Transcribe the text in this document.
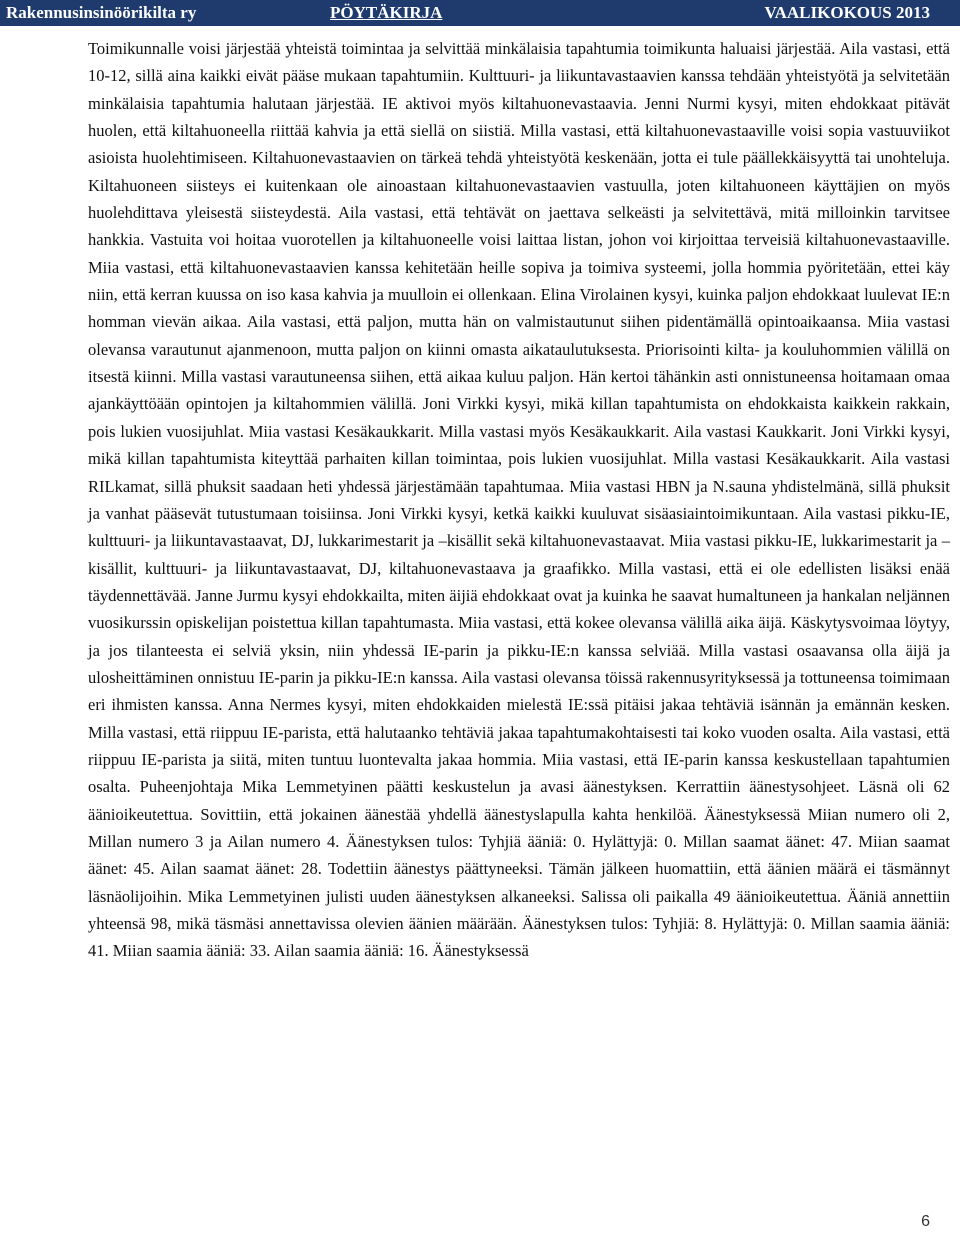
Rakennusinsinöörikilta ry	PÖYTÄKIRJA	VAALIKOKOUS 2013

Toimikunnalle voisi järjestää yhteistä toimintaa ja selvittää minkälaisia tapahtumia toimikunta haluaisi järjestää. Aila vastasi, että 10-12, sillä aina kaikki eivät pääse mukaan tapahtumiin. Kulttuuri- ja liikuntavastaavien kanssa tehdään yhteistyötä ja selvitetään minkälaisia tapahtumia halutaan järjestää. IE aktivoi myös kiltahuonevastaavia. Jenni Nurmi kysyi, miten ehdokkaat pitävät huolen, että kiltahuoneella riittää kahvia ja että siellä on siistiä. Milla vastasi, että kiltahuonevastaaville voisi sopia vastuuviikot asioista huolehtimiseen. Kiltahuonevastaavien on tärkeä tehdä yhteistyötä keskenään, jotta ei tule päällekkäisyyttä tai unohteluja. Kiltahuoneen siisteys ei kuitenkaan ole ainoastaan kiltahuonevastaavien vastuulla, joten kiltahuoneen käyttäjien on myös huolehdittava yleisestä siisteydestä. Aila vastasi, että tehtävät on jaettava selkeästi ja selvitettävä, mitä milloinkin tarvitsee hankkia. Vastuita voi hoitaa vuorotellen ja kiltahuoneelle voisi laittaa listan, johon voi kirjoittaa terveisiä kiltahuonevastaaville. Miia vastasi, että kiltahuonevastaavien kanssa kehitetään heille sopiva ja toimiva systeemi, jolla hommia pyöritetään, ettei käy niin, että kerran kuussa on iso kasa kahvia ja muulloin ei ollenkaan. Elina Virolainen kysyi, kuinka paljon ehdokkaat luulevat IE:n homman vievän aikaa. Aila vastasi, että paljon, mutta hän on valmistautunut siihen pidentämällä opintoaikaansa. Miia vastasi olevansa varautunut ajanmenoon, mutta paljon on kiinni omasta aikataulutuksesta. Priorisointi kilta- ja kouluhommien välillä on itsestä kiinni. Milla vastasi varautuneensa siihen, että aikaa kuluu paljon. Hän kertoi tähänkin asti onnistuneensa hoitamaan omaa ajankäyttöään opintojen ja kiltahommien välillä. Joni Virkki kysyi, mikä killan tapahtumista on ehdokkaista kaikkein rakkain, pois lukien vuosijuhlat. Miia vastasi Kesäkaukkarit. Milla vastasi myös Kesäkaukkarit. Aila vastasi Kaukkarit. Joni Virkki kysyi, mikä killan tapahtumista kiteyttää parhaiten killan toimintaa, pois lukien vuosijuhlat. Milla vastasi Kesäkaukkarit. Aila vastasi RILkamat, sillä phuksit saadaan heti yhdessä järjestämään tapahtumaa. Miia vastasi HBN ja N.sauna yhdistelmänä, sillä phuksit ja vanhat pääsevät tutustumaan toisiinsa. Joni Virkki kysyi, ketkä kaikki kuuluvat sisäasiaintoimikuntaan. Aila vastasi pikku-IE, kulttuuri- ja liikuntavastaavat, DJ, lukkarimestarit ja –kisällit sekä kiltahuonevastaavat. Miia vastasi pikku-IE, lukkarimestarit ja –kisällit, kulttuuri- ja liikuntavastaavat, DJ, kiltahuonevastaava ja graafikko. Milla vastasi, että ei ole edellisten lisäksi enää täydennettävää. Janne Jurmu kysyi ehdokkailta, miten äijiä ehdokkaat ovat ja kuinka he saavat humaltuneen ja hankalan neljännen vuosikurssin opiskelijan poistettua killan tapahtumasta. Miia vastasi, että kokee olevansa välillä aika äijä. Käskytysvoimaa löytyy, ja jos tilanteesta ei selviä yksin, niin yhdessä IE-parin ja pikku-IE:n kanssa selviää. Milla vastasi osaavansa olla äijä ja ulosheittäminen onnistuu IE-parin ja pikku-IE:n kanssa. Aila vastasi olevansa töissä rakennusyrityksessä ja tottuneensa toimimaan eri ihmisten kanssa. Anna Nermes kysyi, miten ehdokkaiden mielestä IE:ssä pitäisi jakaa tehtäviä isännän ja emännän kesken. Milla vastasi, että riippuu IE-parista, että halutaanko tehtäviä jakaa tapahtumakohtaisesti tai koko vuoden osalta. Aila vastasi, että riippuu IE-parista ja siitä, miten tuntuu luontevalta jakaa hommia. Miia vastasi, että IE-parin kanssa keskustellaan tapahtumien osalta. Puheenjohtaja Mika Lemmetyinen päätti keskustelun ja avasi äänestyksen. Kerrattiin äänestysohjeet. Läsnä oli 62 äänioikeutettua. Sovittiin, että jokainen äänestää yhdellä äänestyslapulla kahta henkilöä. Äänestyksessä Miian numero oli 2, Millan numero 3 ja Ailan numero 4. Äänestyksen tulos: Tyhjiä ääniä: 0. Hylättyjä: 0. Millan saamat äänet: 47. Miian saamat äänet: 45. Ailan saamat äänet: 28. Todettiin äänestys päättyneeksi. Tämän jälkeen huomattiin, että äänien määrä ei täsmännyt läsnäolijoihin. Mika Lemmetyinen julisti uuden äänestyksen alkaneeksi. Salissa oli paikalla 49 äänioikeutettua. Ääniä annettiin yhteensä 98, mikä täsmäsi annettavissa olevien äänien määrään. Äänestyksen tulos: Tyhjiä: 8. Hylättyjä: 0. Millan saamia ääniä: 41. Miian saamia ääniä: 33. Ailan saamia ääniä: 16. Äänestyksessä

6
